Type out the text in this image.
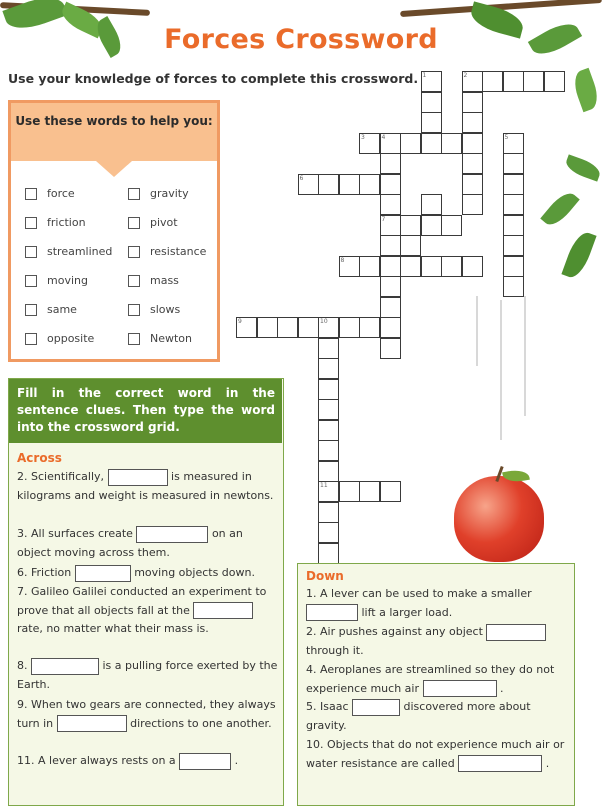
Forces Crossword
Use your knowledge of forces to complete this crossword.
Use these words to help you:
force	gravity
friction	pivot
streamlined	resistance
moving	mass
same	slows
opposite	Newton
1	2
4
7
3	5
6
8
9	10
11
Fill in the correct word in the sentence clues. Then type the word into the crossword grid.
Across
2. Scientifically,	is measured in kilograms and weight is measured in newtons.
3. All surfaces create	on an object moving across them.
6. Friction	moving objects down.
7. Galileo Galilei conducted an experiment to prove that all objects fall at the  rate, no matter what their mass is.
8.	is a pulling force exerted by the Earth.
9. When two gears are connected, they always turn in	directions to one another.
11. A lever always rests on a	.
Down
1. A lever can be used to make a smaller  lift a larger load.
2. Air pushes against any object  through it.
4. Aeroplanes are streamlined so they do not experience much air	.
5. Isaac	discovered more about gravity.
10. Objects that do not experience much air or water resistance are called	.
